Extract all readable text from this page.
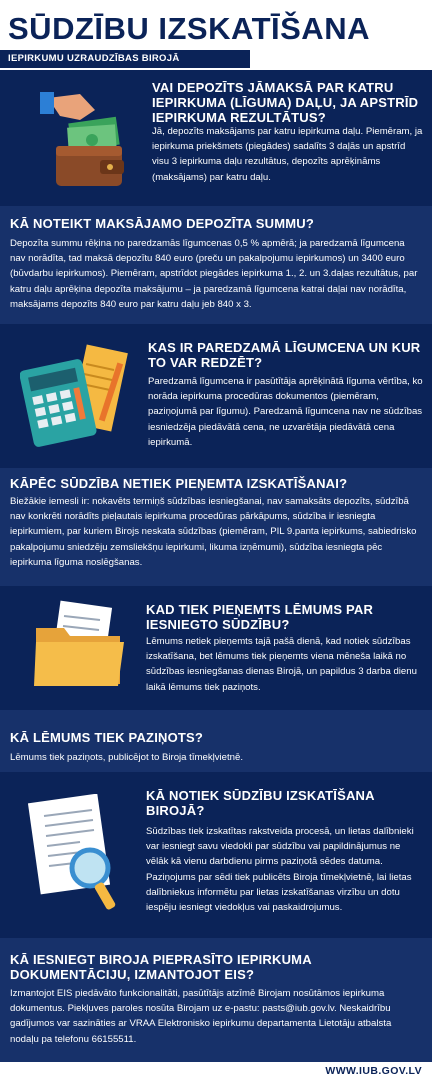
SŪDZĪBU IZSKATĪŠANA
IEPIRKUMU UZRAUDZĪBAS BIROJĀ
VAI DEPOZĪTS JĀMAKSĀ PAR KATRU IEPIRKUMA (LĪGUMA) DAĻU, JA APSTRĪD IEPIRKUMA REZULTĀTUS?
Jā, depozīts maksājams par katru iepirkuma daļu. Piemēram, ja iepirkuma priekšmets (piegādes) sadalīts 3 daļās un apstrīd visu 3 iepirkuma daļu rezultātus, depozīts aprēķināms (maksājams) par katru daļu.
KĀ NOTEIKT MAKSĀJAMO DEPOZĪTA SUMMU?
Depozīta summu rēķina no paredzamās līgumcenas 0,5 % apmērā; ja paredzamā līgumcena nav norādīta, tad maksā depozītu 840 euro (preču un pakalpojumu iepirkumos) un 3400 euro (būvdarbu iepirkumos). Piemēram, apstrīdot piegādes iepirkuma 1., 2. un 3.daļas rezultātus, par katru daļu aprēķina depozīta maksājumu – ja paredzamā līgumcena katrai daļai nav norādīta, maksājams depozīts 840 euro par katru daļu jeb 840 x 3.
KAS IR PAREDZAMĀ LĪGUMCENA UN KUR TO VAR REDZĒT?
Paredzamā līgumcena ir pasūtītāja aprēķinātā līguma vērtība, ko norāda iepirkuma procedūras dokumentos (piemēram, paziņojumā par līgumu). Paredzamā līgumcena nav ne sūdzības iesniedzēja piedāvātā cena, ne uzvarētāja piedāvātā cena iepirkumā.
KĀPĒC SŪDZĪBA NETIEK PIEŅEMTA IZSKATĪŠANAI?
Biežākie iemesli ir: nokavēts termiņš sūdzības iesniegšanai, nav samaksāts depozīts, sūdzībā nav konkrēti norādīts pieļautais iepirkuma procedūras pārkāpums, sūdzība ir iesniegta iepirkumiem, par kuriem Birojs neskata sūdzības (piemēram, PIL 9.panta iepirkums, sabiedrisko pakalpojumu sniedzēju zemsliekšņu iepirkumi, likuma izņēmumi), sūdzība iesniegta pēc iepirkuma līguma noslēgšanas.
KAD TIEK PIEŅEMTS LĒMUMS PAR IESNIEGTO SŪDZĪBU?
Lēmums netiek pieņemts tajā pašā dienā, kad notiek sūdzības izskatīšana, bet lēmums tiek pieņemts viena mēneša laikā no sūdzības iesniegšanas dienas Birojā, un papildus 3 darba dienu laikā lēmums tiek paziņots.
KĀ LĒMUMS TIEK PAZIŅOTS?
Lēmums tiek paziņots, publicējot to Biroja tīmekļvietnē.
KĀ NOTIEK SŪDZĪBU IZSKATĪŠANA BIROJĀ?
Sūdzības tiek izskatītas rakstveida procesā, un lietas dalībnieki var iesniegt savu viedokli par sūdzību vai papildinājumus ne vēlāk kā vienu darbdienu pirms paziņotā sēdes datuma. Paziņojums par sēdi tiek publicēts Biroja tīmekļvietnē, lai lietas dalībniekus informētu par lietas izskatīšanas virzību un dotu iespēju iesniegt viedokļus vai paskaidrojumus.
KĀ IESNIEGT BIROJA PIEPRASĪTO IEPIRKUMA DOKUMENTĀCIJU, IZMANTOJOT EIS?
Izmantojot EIS piedāvāto funkcionalitāti, pasūtītājs atzīmē Birojam nosūtāmos iepirkuma dokumentus. Piekļuves paroles nosūta Birojam uz e-pastu: pasts@iub.gov.lv. Neskaidrību gadījumos var sazināties ar VRAA Elektronisko iepirkumu departamenta Lietotāju atbalsta nodaļu pa telefonu 66155511.
WWW.IUB.GOV.LV
